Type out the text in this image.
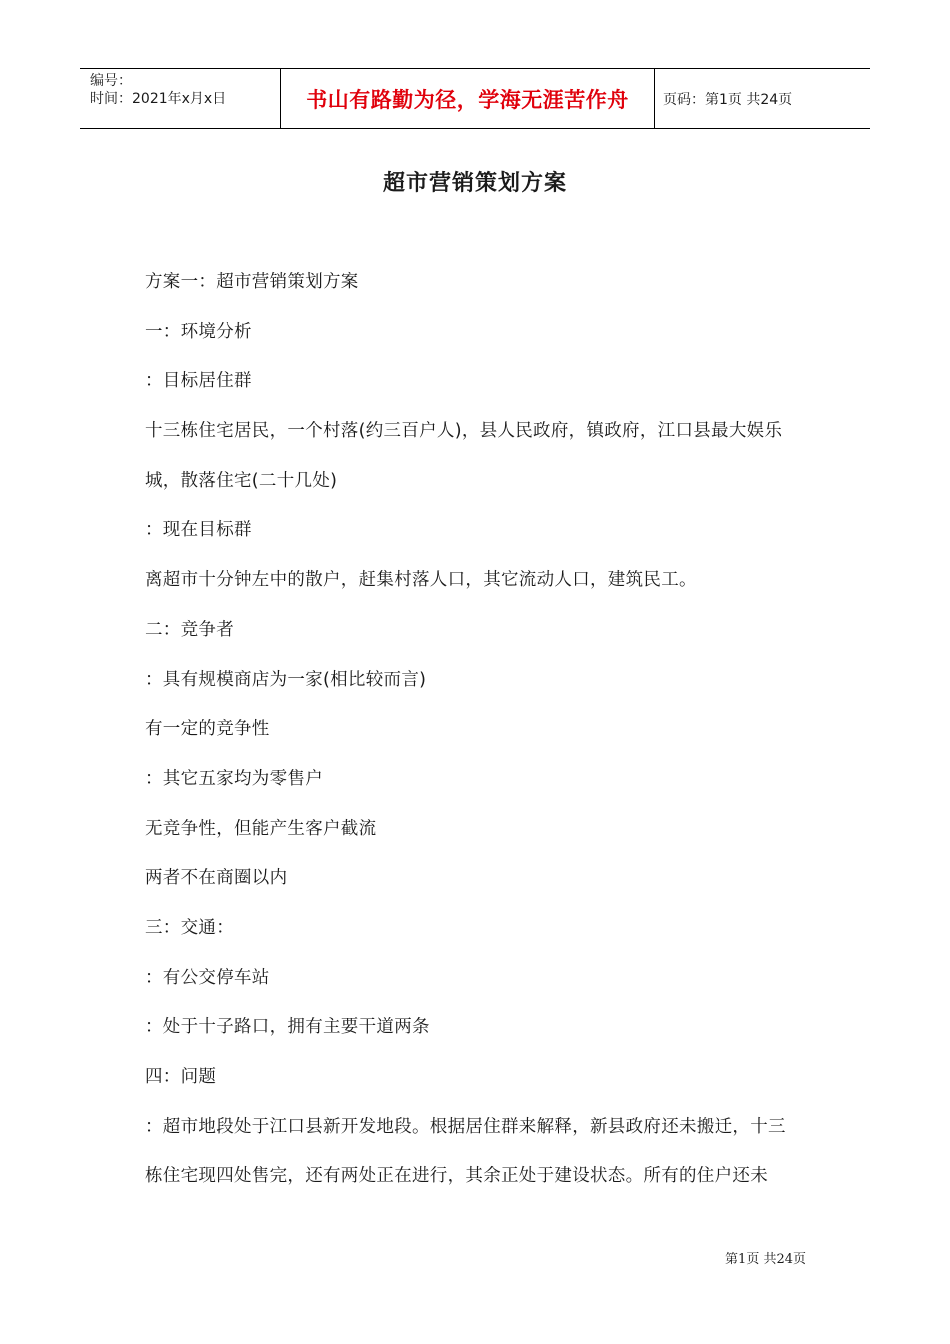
编号：
时间：2021年x月x日	书山有路勤为径，学海无涯苦作舟	页码：第1页 共24页
超市营销策划方案
方案一：超市营销策划方案
一：环境分析
：目标居住群
十三栋住宅居民，一个村落(约三百户人)，县人民政府，镇政府，江口县最大娱乐
城，散落住宅(二十几处)
：现在目标群
离超市十分钟左中的散户，赶集村落人口，其它流动人口，建筑民工。
二：竞争者
：具有规模商店为一家(相比较而言)
有一定的竞争性
：其它五家均为零售户
无竞争性，但能产生客户截流
两者不在商圈以内
三：交通：
：有公交停车站
：处于十子路口，拥有主要干道两条
四：问题
：超市地段处于江口县新开发地段。根据居住群来解释，新县政府还未搬迁，十三
栋住宅现四处售完，还有两处正在进行，其余正处于建设状态。所有的住户还未
第1页 共24页
